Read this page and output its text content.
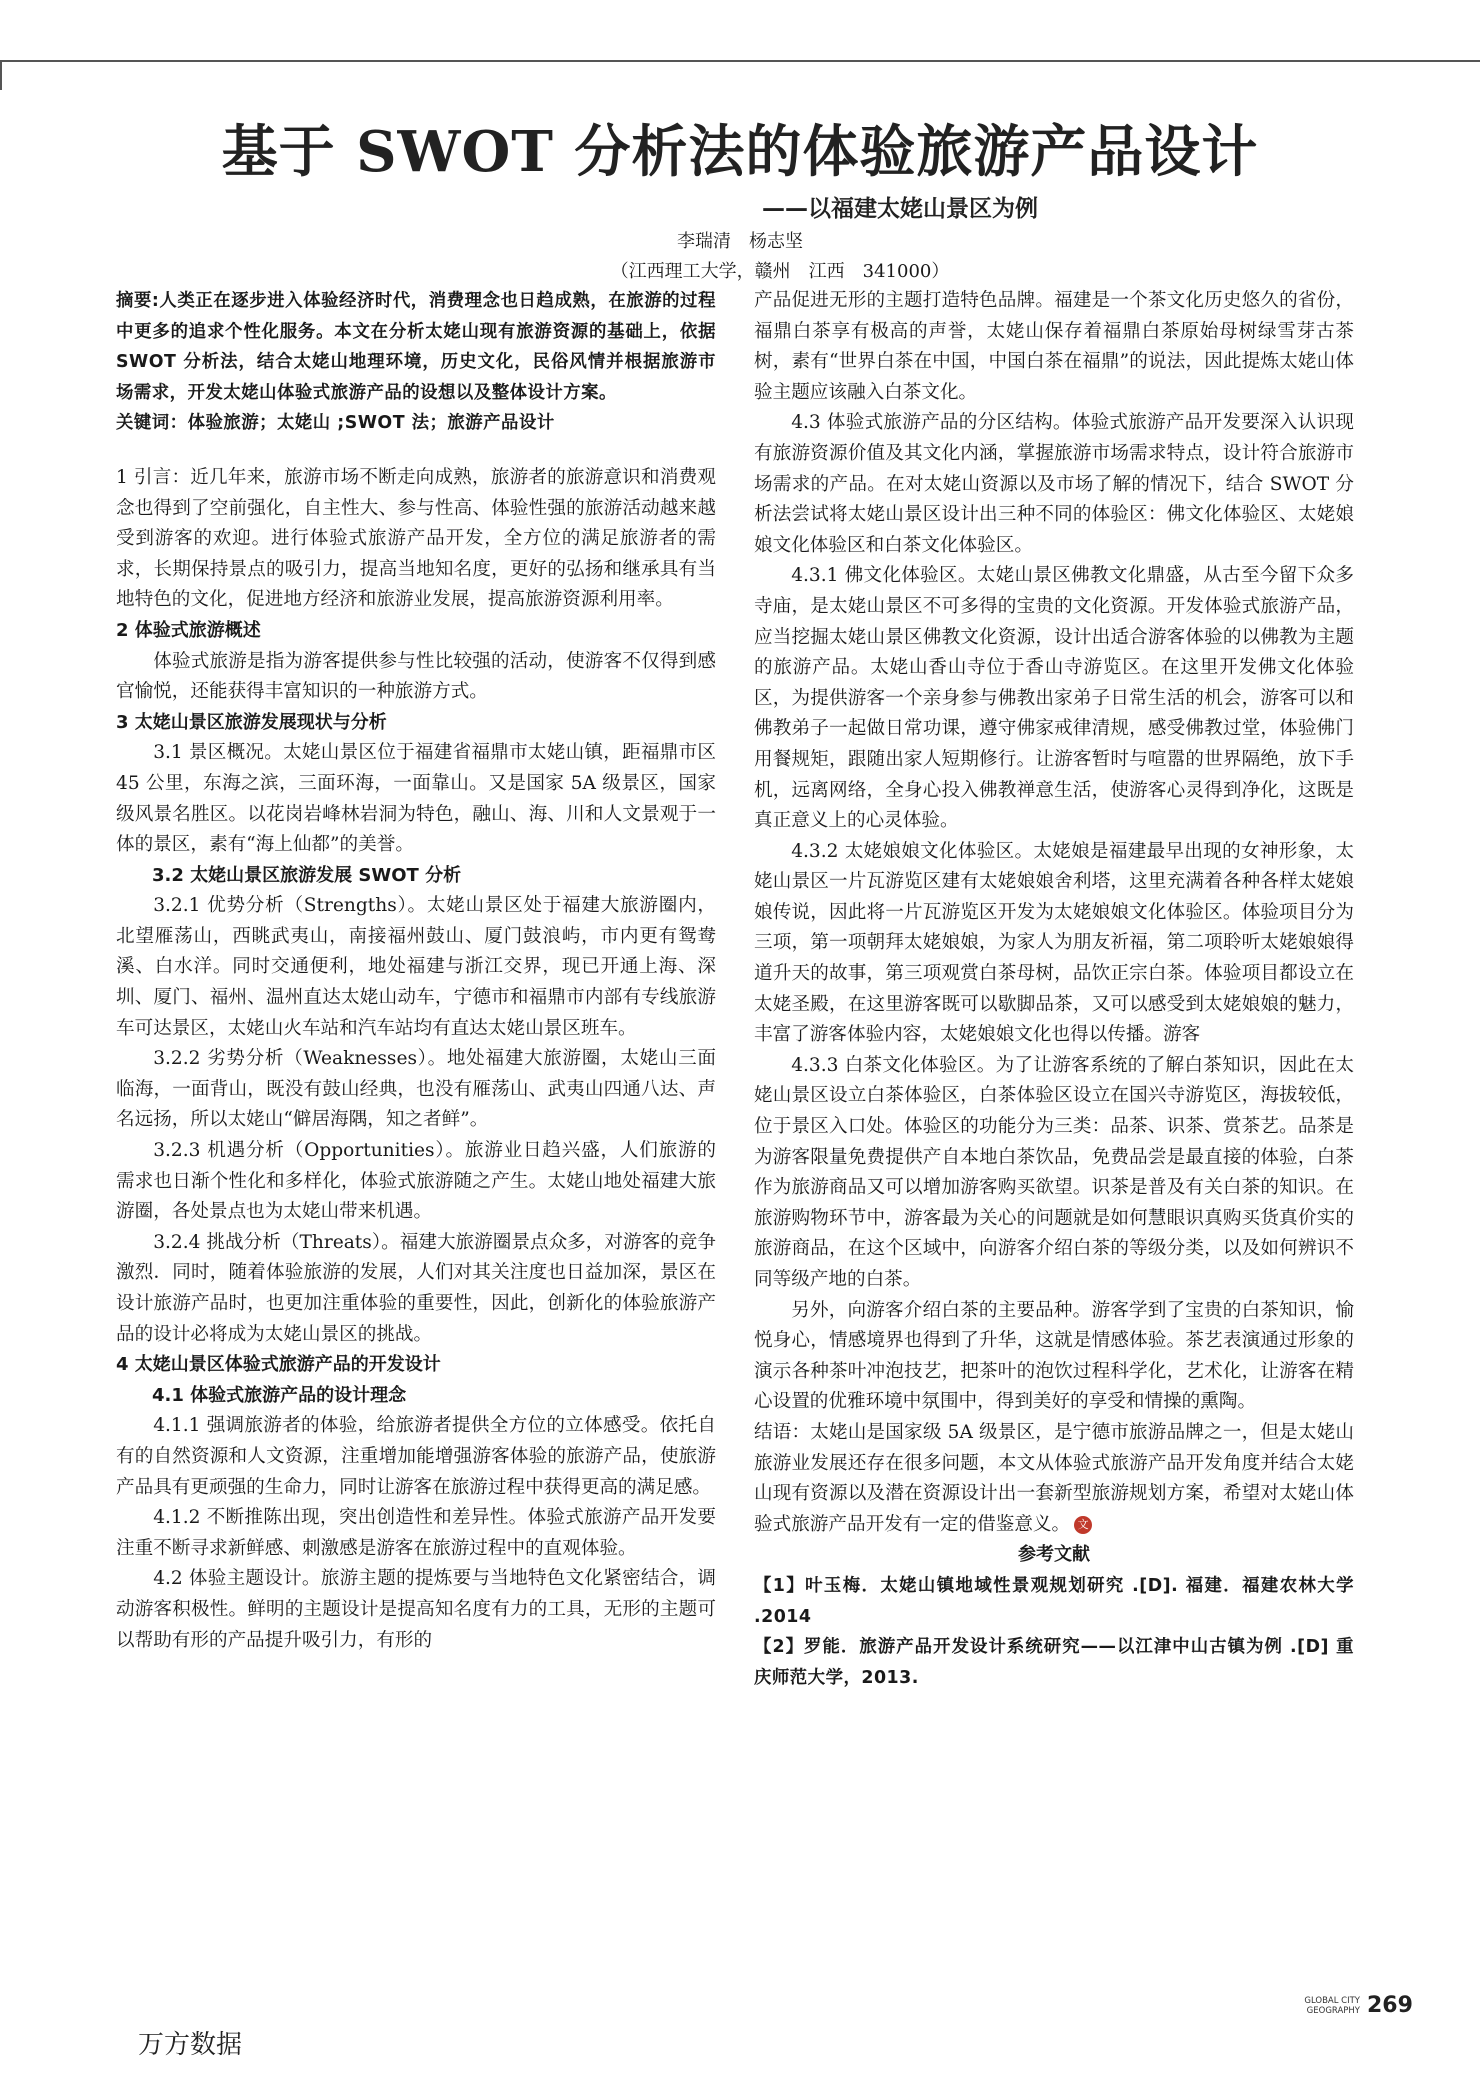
基于 SWOT 分析法的体验旅游产品设计
——以福建太姥山景区为例
李瑞清　杨志坚
（江西理工大学，赣州　江西　341000）

摘要:人类正在逐步进入体验经济时代，消费理念也日趋成熟，在旅游的过程中更多的追求个性化服务。本文在分析太姥山现有旅游资源的基础上，依据 SWOT 分析法，结合太姥山地理环境，历史文化，民俗风情并根据旅游市场需求，开发太姥山体验式旅游产品的设想以及整体设计方案。

关键词：体验旅游；太姥山 ;SWOT 法；旅游产品设计

1 引言：近几年来，旅游市场不断走向成熟，旅游者的旅游意识和消费观念也得到了空前强化，自主性大、参与性高、体验性强的旅游活动越来越受到游客的欢迎。进行体验式旅游产品开发，全方位的满足旅游者的需求，长期保持景点的吸引力，提高当地知名度，更好的弘扬和继承具有当地特色的文化，促进地方经济和旅游业发展，提高旅游资源利用率。

2 体验式旅游概述

体验式旅游是指为游客提供参与性比较强的活动，使游客不仅得到感官愉悦，还能获得丰富知识的一种旅游方式。

3 太姥山景区旅游发展现状与分析

3.1 景区概况。太姥山景区位于福建省福鼎市太姥山镇，距福鼎市区 45 公里，东海之滨，三面环海，一面靠山。又是国家 5A 级景区，国家级风景名胜区。以花岗岩峰林岩洞为特色，融山、海、川和人文景观于一体的景区，素有“海上仙都”的美誉。

3.2 太姥山景区旅游发展 SWOT 分析

3.2.1 优势分析（Strengths）。太姥山景区处于福建大旅游圈内，北望雁荡山，西眺武夷山，南接福州鼓山、厦门鼓浪屿，市内更有鸳鸯溪、白水洋。同时交通便利，地处福建与浙江交界，现已开通上海、深圳、厦门、福州、温州直达太姥山动车，宁德市和福鼎市内部有专线旅游车可达景区，太姥山火车站和汽车站均有直达太姥山景区班车。

3.2.2 劣势分析（Weaknesses）。地处福建大旅游圈，太姥山三面临海，一面背山，既没有鼓山经典，也没有雁荡山、武夷山四通八达、声名远扬，所以太姥山“僻居海隅，知之者鲜”。

3.2.3 机遇分析（Opportunities）。旅游业日趋兴盛，人们旅游的需求也日渐个性化和多样化，体验式旅游随之产生。太姥山地处福建大旅游圈，各处景点也为太姥山带来机遇。

3.2.4 挑战分析（Threats）。福建大旅游圈景点众多，对游客的竞争激烈．同时，随着体验旅游的发展，人们对其关注度也日益加深，景区在设计旅游产品时，也更加注重体验的重要性，因此，创新化的体验旅游产品的设计必将成为太姥山景区的挑战。

4 太姥山景区体验式旅游产品的开发设计

4.1 体验式旅游产品的设计理念

4.1.1 强调旅游者的体验，给旅游者提供全方位的立体感受。依托自有的自然资源和人文资源，注重增加能增强游客体验的旅游产品，使旅游产品具有更顽强的生命力，同时让游客在旅游过程中获得更高的满足感。

4.1.2 不断推陈出现，突出创造性和差异性。体验式旅游产品开发要注重不断寻求新鲜感、刺激感是游客在旅游过程中的直观体验。

4.2 体验主题设计。旅游主题的提炼要与当地特色文化紧密结合，调动游客积极性。鲜明的主题设计是提高知名度有力的工具，无形的主题可以帮助有形的产品提升吸引力，有形的

产品促进无形的主题打造特色品牌。福建是一个茶文化历史悠久的省份，福鼎白茶享有极高的声誉，太姥山保存着福鼎白茶原始母树绿雪芽古茶树，素有“世界白茶在中国，中国白茶在福鼎”的说法，因此提炼太姥山体验主题应该融入白茶文化。

4.3 体验式旅游产品的分区结构。体验式旅游产品开发要深入认识现有旅游资源价值及其文化内涵，掌握旅游市场需求特点，设计符合旅游市场需求的产品。在对太姥山资源以及市场了解的情况下，结合 SWOT 分析法尝试将太姥山景区设计出三种不同的体验区：佛文化体验区、太姥娘娘文化体验区和白茶文化体验区。

4.3.1 佛文化体验区。太姥山景区佛教文化鼎盛，从古至今留下众多寺庙，是太姥山景区不可多得的宝贵的文化资源。开发体验式旅游产品，应当挖掘太姥山景区佛教文化资源，设计出适合游客体验的以佛教为主题的旅游产品。太姥山香山寺位于香山寺游览区。在这里开发佛文化体验区，为提供游客一个亲身参与佛教出家弟子日常生活的机会，游客可以和佛教弟子一起做日常功课，遵守佛家戒律清规，感受佛教过堂，体验佛门用餐规矩，跟随出家人短期修行。让游客暂时与喧嚣的世界隔绝，放下手机，远离网络，全身心投入佛教禅意生活，使游客心灵得到净化，这既是真正意义上的心灵体验。

4.3.2 太姥娘娘文化体验区。太姥娘是福建最早出现的女神形象，太姥山景区一片瓦游览区建有太姥娘娘舍利塔，这里充满着各种各样太姥娘娘传说，因此将一片瓦游览区开发为太姥娘娘文化体验区。体验项目分为三项，第一项朝拜太姥娘娘，为家人为朋友祈福，第二项聆听太姥娘娘得道升天的故事，第三项观赏白茶母树，品饮正宗白茶。体验项目都设立在太姥圣殿，在这里游客既可以歇脚品茶，又可以感受到太姥娘娘的魅力，丰富了游客体验内容，太姥娘娘文化也得以传播。游客

4.3.3 白茶文化体验区。为了让游客系统的了解白茶知识，因此在太姥山景区设立白茶体验区，白茶体验区设立在国兴寺游览区，海拔较低，位于景区入口处。体验区的功能分为三类：品茶、识茶、赏茶艺。品茶是为游客限量免费提供产自本地白茶饮品，免费品尝是最直接的体验，白茶作为旅游商品又可以增加游客购买欲望。识茶是普及有关白茶的知识。在旅游购物环节中，游客最为关心的问题就是如何慧眼识真购买货真价实的旅游商品，在这个区域中，向游客介绍白茶的等级分类，以及如何辨识不同等级产地的白茶。

另外，向游客介绍白茶的主要品种。游客学到了宝贵的白茶知识，愉悦身心，情感境界也得到了升华，这就是情感体验。茶艺表演通过形象的演示各种茶叶冲泡技艺，把茶叶的泡饮过程科学化，艺术化，让游客在精心设置的优雅环境中氛围中，得到美好的享受和情操的熏陶。

结语：太姥山是国家级 5A 级景区，是宁德市旅游品牌之一，但是太姥山旅游业发展还存在很多问题，本文从体验式旅游产品开发角度并结合太姥山现有资源以及潜在资源设计出一套新型旅游规划方案，希望对太姥山体验式旅游产品开发有一定的借鉴意义。 文

参考文献

【1】叶玉梅．太姥山镇地域性景观规划研究 .[D]. 福建．福建农林大学 .2014

【2】罗能．旅游产品开发设计系统研究——以江津中山古镇为例 .[D] 重庆师范大学，2013.

GLOBAL CITY
GEOGRAPHY 269
万方数据
